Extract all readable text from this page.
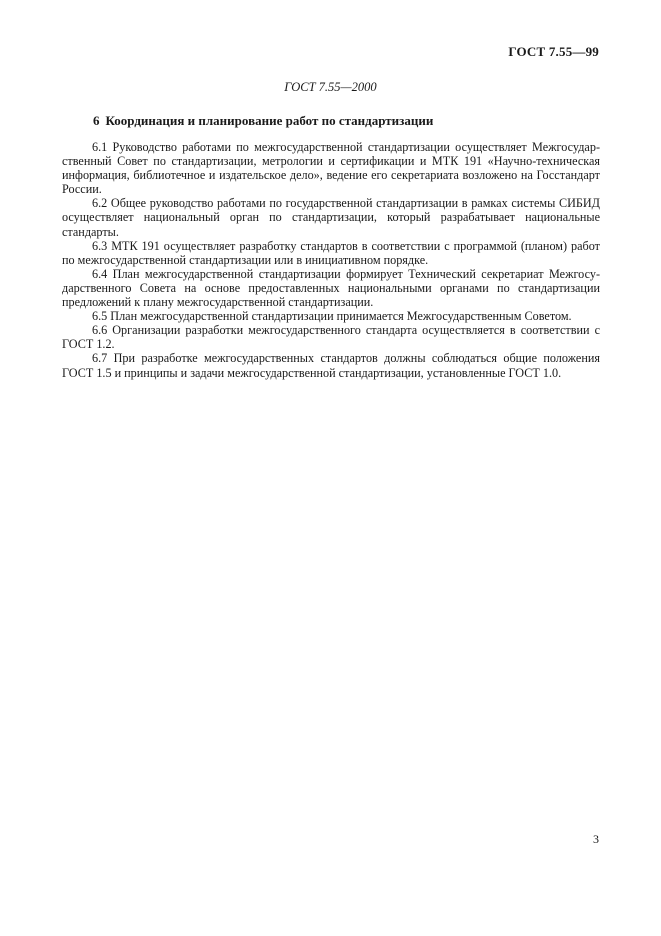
ГОСТ 7.55—99
ГОСТ 7.55—2000
6 Координация и планирование работ по стандартизации

6.1 Руководство работами по межгосударственной стандартизации осуществляет Межгосударственный Совет по стандартизации, метрологии и сертификации и МТК 191 «Научно-техническая информация, библиотечное и издательское дело», ведение его секретариата возложено на Госстандарт России.

6.2 Общее руководство работами по государственной стандартизации в рамках системы СИБИД осуществляет национальный орган по стандартизации, который разрабатывает национальные стандарты.

6.3 МТК 191 осуществляет разработку стандартов в соответствии с программой (планом) работ по межгосударственной стандартизации или в инициативном порядке.

6.4 План межгосударственной стандартизации формирует Технический секретариат Межгосударственного Совета на основе предоставленных национальными органами по стандартизации предложений к плану межгосударственной стандартизации.

6.5 План межгосударственной стандартизации принимается Межгосударственным Советом.

6.6 Организации разработки межгосударственного стандарта осуществляется в соответствии с ГОСТ 1.2.

6.7 При разработке межгосударственных стандартов должны соблюдаться общие положения ГОСТ 1.5 и принципы и задачи межгосударственной стандартизации, установленные ГОСТ 1.0.

3
